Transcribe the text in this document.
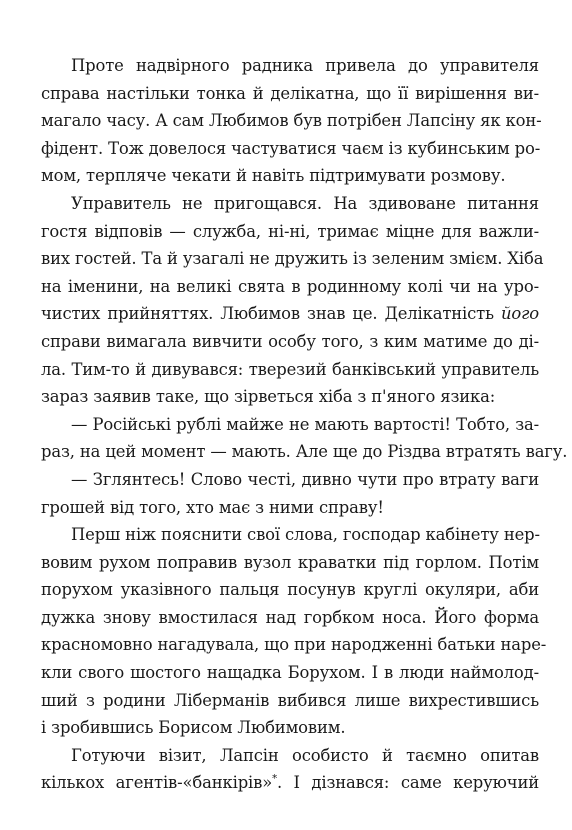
Проте надвірного радника привела до управителя
справа настільки тонка й делікатна, що її вирішення ви-
магало часу. А сам Любимов був потрібен Лапсіну як кон-
фідент. Тож довелося частуватися чаєм із кубинським ро-
мом, терпляче чекати й навіть підтримувати розмову.
Управитель не пригощався. На здивоване питання
гостя відповів — служба, ні-ні, тримає міцне для важли-
вих гостей. Та й узагалі не дружить із зеленим змієм. Хіба
на іменини, на великі свята в родинному колі чи на уро-
чистих прийняттях. Любимов знав це. Делікатність його
справи вимагала вивчити особу того, з ким матиме до ді-
ла. Тим-то й дивувався: тверезий банківський управитель
зараз заявив таке, що зірветься хіба з п'яного язика:
— Російські рублі майже не мають вартості! Тобто, за-
раз, на цей момент — мають. Але ще до Різдва втратять вагу.
— Зглянтесь! Слово честі, дивно чути про втрату ваги
грошей від того, хто має з ними справу!
Перш ніж пояснити свої слова, господар кабінету нер-
вовим рухом поправив вузол краватки під горлом. Потім
порухом указівного пальця посунув круглі окуляри, аби
дужка знову вмостилася над горбком носа. Його форма
красномовно нагадувала, що при народженні батьки наре-
кли свого шостого нащадка Борухом. І в люди наймолод-
ший з родини Ліберманів вибився лише вихрестившись
і зробившись Борисом Любимовим.
Готуючи візит, Лапсін особисто й таємно опитав
кількох агентів-«банкірів»*. I дізнався: саме керуючий
